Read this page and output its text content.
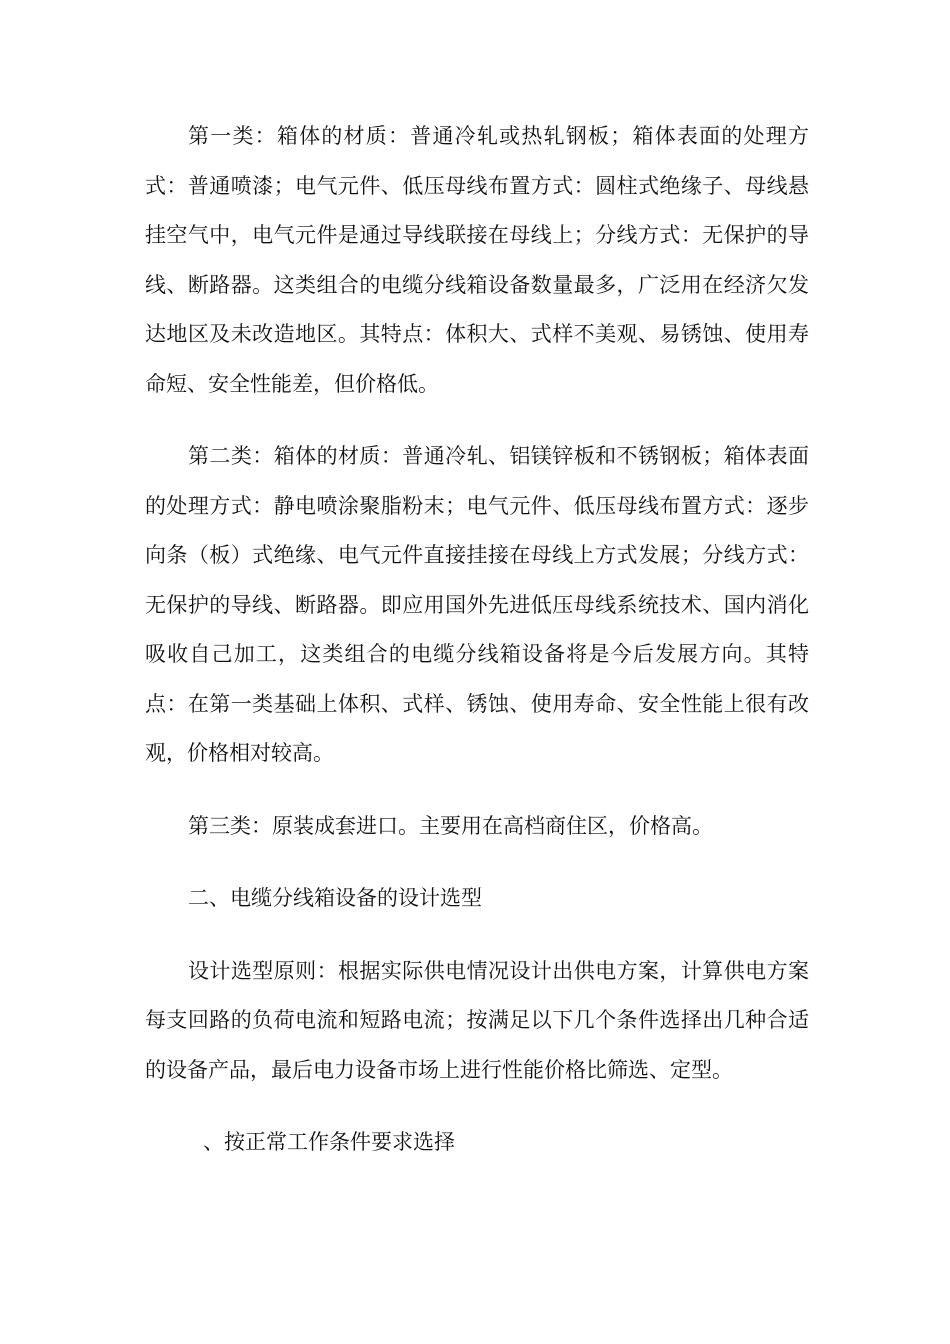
第一类：箱体的材质：普通冷轧或热轧钢板；箱体表面的处理方式：普通喷漆；电气元件、低压母线布置方式：圆柱式绝缘子、母线悬挂空气中，电气元件是通过导线联接在母线上；分线方式：无保护的导线、断路器。这类组合的电缆分线箱设备数量最多，广泛用在经济欠发达地区及未改造地区。其特点：体积大、式样不美观、易锈蚀、使用寿命短、安全性能差，但价格低。

第二类：箱体的材质：普通冷轧、铝镁锌板和不锈钢板；箱体表面的处理方式：静电喷涂聚脂粉末；电气元件、低压母线布置方式：逐步向条（板）式绝缘、电气元件直接挂接在母线上方式发展；分线方式：无保护的导线、断路器。即应用国外先进低压母线系统技术、国内消化吸收自己加工，这类组合的电缆分线箱设备将是今后发展方向。其特点：在第一类基础上体积、式样、锈蚀、使用寿命、安全性能上很有改观，价格相对较高。

第三类：原装成套进口。主要用在高档商住区，价格高。

二、电缆分线箱设备的设计选型

设计选型原则：根据实际供电情况设计出供电方案，计算供电方案每支回路的负荷电流和短路电流；按满足以下几个条件选择出几种合适的设备产品，最后电力设备市场上进行性能价格比筛选、定型。

、按正常工作条件要求选择
